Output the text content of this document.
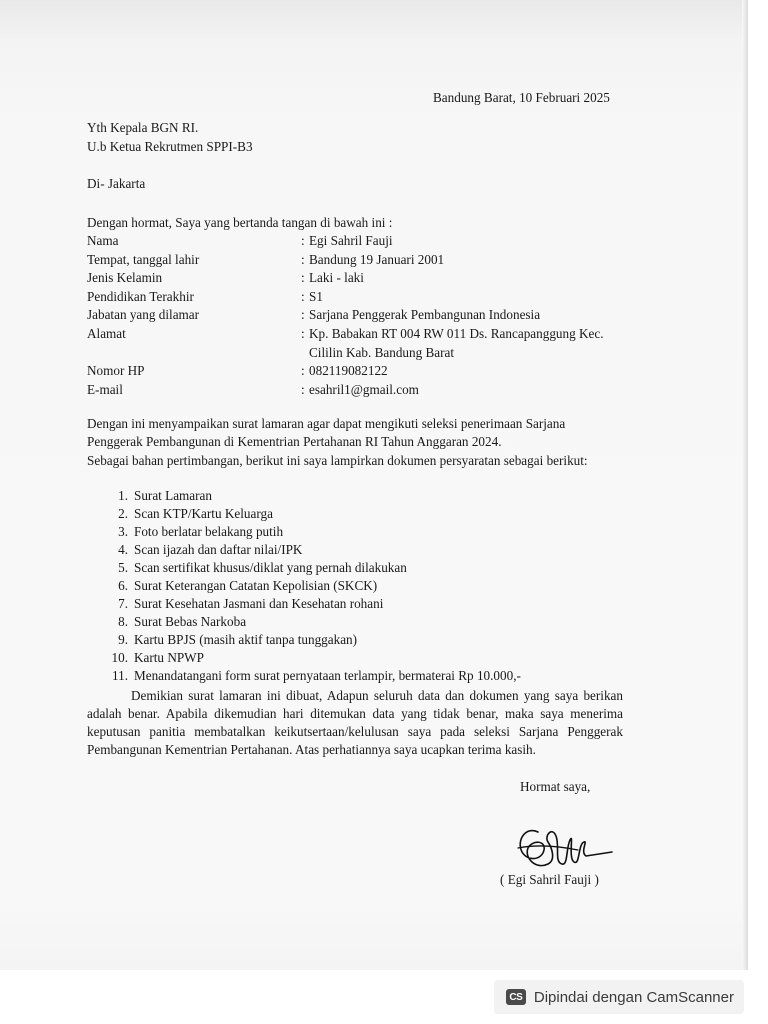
Bandung Barat, 10 Februari 2025
Yth Kepala BGN RI.
U.b Ketua Rekrutmen SPPI-B3
Di- Jakarta
Dengan hormat, Saya yang bertanda tangan di bawah ini :
Nama	: Egi Sahril Fauji
Tempat, tanggal lahir	: Bandung 19 Januari 2001
Jenis Kelamin	: Laki - laki
Pendidikan Terakhir	: S1
Jabatan yang dilamar	: Sarjana Penggerak Pembangunan Indonesia
Alamat	: Kp. Babakan RT 004 RW 011 Ds. Rancapanggung Kec.
Cililin Kab. Bandung Barat
Nomor HP	: 082119082122
E-mail	: esahril1@gmail.com
Dengan ini menyampaikan surat lamaran agar dapat mengikuti seleksi penerimaan Sarjana
Penggerak Pembangunan di Kementrian Pertahanan RI Tahun Anggaran 2024.
Sebagai bahan pertimbangan, berikut ini saya lampirkan dokumen persyaratan sebagai berikut:
1. Surat Lamaran
2. Scan KTP/Kartu Keluarga
3. Foto berlatar belakang putih
4. Scan ijazah dan daftar nilai/IPK
5. Scan sertifikat khusus/diklat yang pernah dilakukan
6. Surat Keterangan Catatan Kepolisian (SKCK)
7. Surat Kesehatan Jasmani dan Kesehatan rohani
8. Surat Bebas Narkoba
9. Kartu BPJS (masih aktif tanpa tunggakan)
10. Kartu NPWP
11. Menandatangani form surat pernyataan terlampir, bermaterai Rp 10.000,-
Demikian surat lamaran ini dibuat, Adapun seluruh data dan dokumen yang saya berikan adalah benar. Apabila dikemudian hari ditemukan data yang tidak benar, maka saya menerima keputusan panitia membatalkan keikutsertaan/kelulusan saya pada seleksi Sarjana Penggerak Pembangunan Kementrian Pertahanan. Atas perhatiannya saya ucapkan terima kasih.
Hormat saya,
( Egi Sahril Fauji )
CS Dipindai dengan CamScanner
